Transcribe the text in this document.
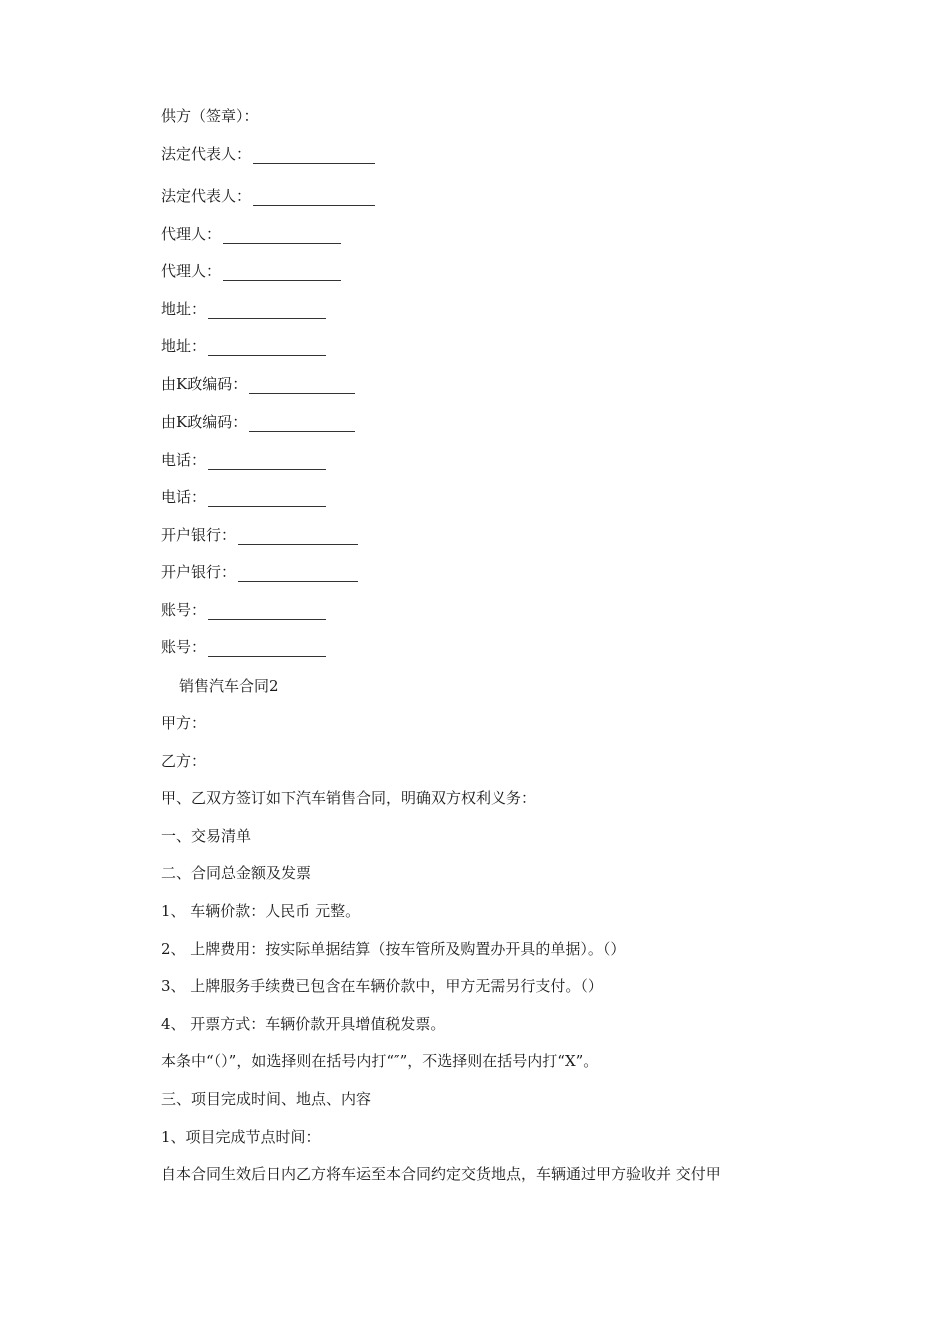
供方（签章）：
法定代表人：
法定代表人：
代理人：
代理人：
地址：
地址：
由K政编码：
由K政编码：
电话：
电话：
开户银行：
开户银行：
账号：
账号：
销售汽车合同2
甲方：
乙方：
甲、乙双方签订如下汽车销售合同，明确双方权利义务：
一、交易清单
二、合同总金额及发票
1、 车辆价款：人民币 元整。
2、 上牌费用：按实际单据结算（按车管所及购置办开具的单据）。（）
3、 上牌服务手续费已包含在车辆价款中，甲方无需另行支付。（）
4、 开票方式：车辆价款开具增值税发票。
本条中“（）”，如选择则在括号内打“″”，不选择则在括号内打“X”。
三、项目完成时间、地点、内容
1、项目完成节点时间：
自本合同生效后日内乙方将车运至本合同约定交货地点，车辆通过甲方验收并 交付甲
